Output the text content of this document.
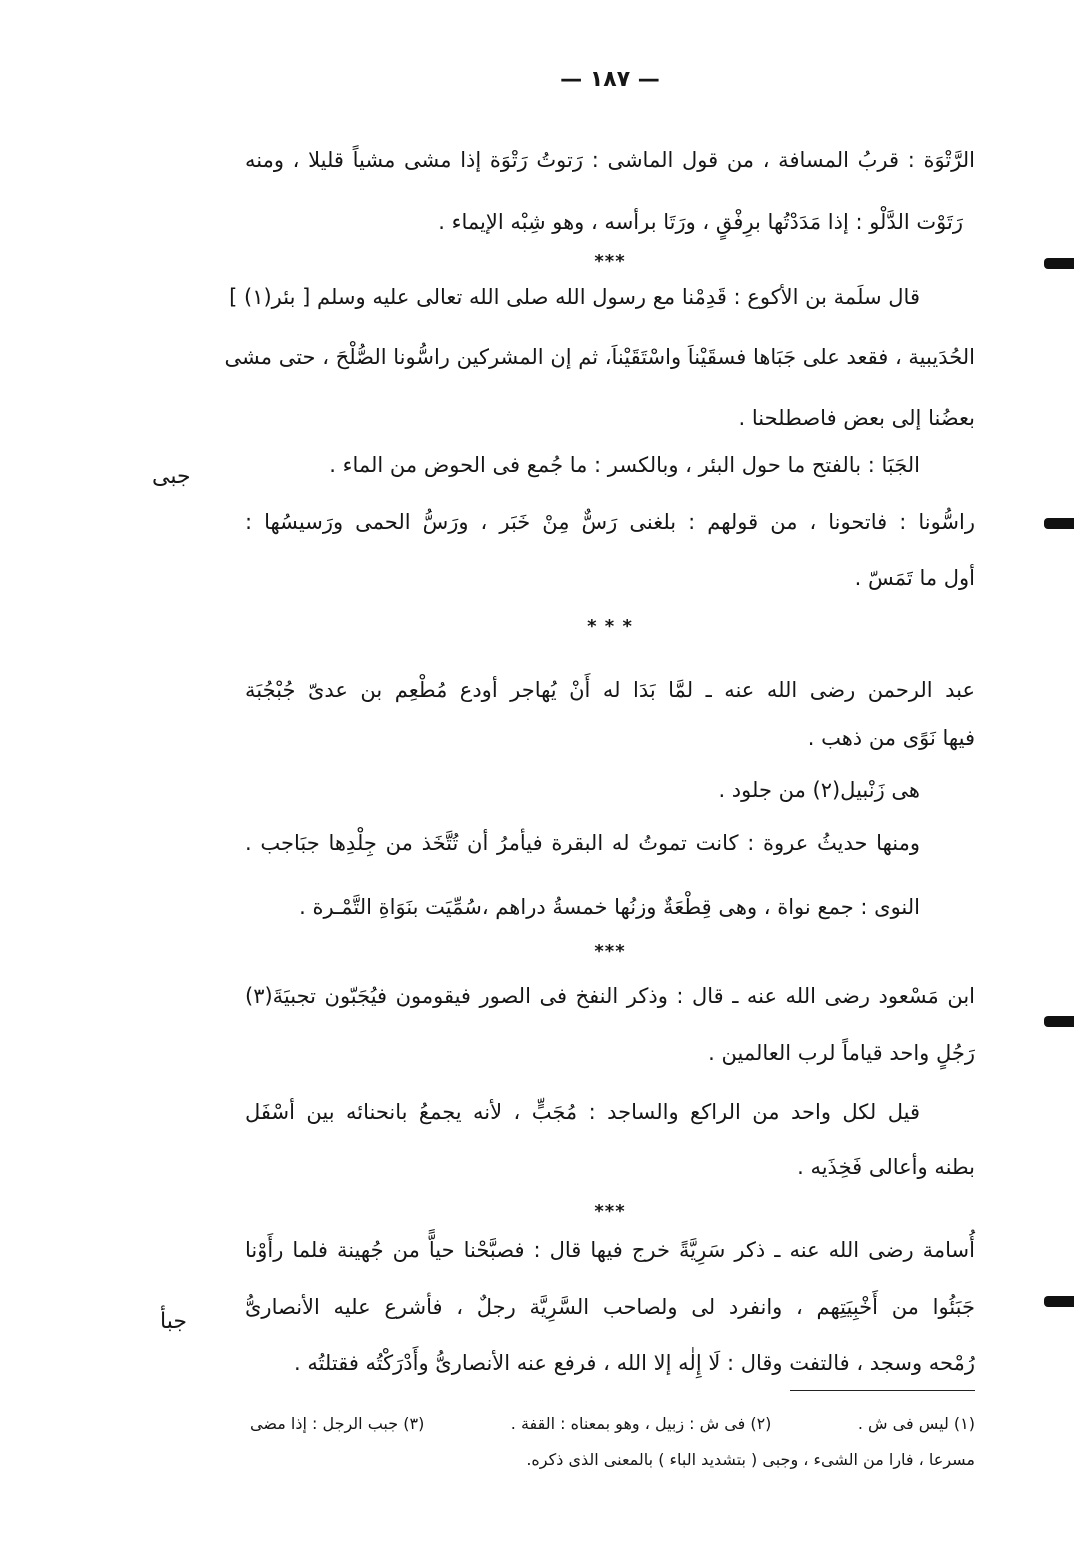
— ١٨٧ —
الرَّتْوَة : قربُ المسافة ، من قول الماشى : رَتوتُ رَتْوَة إذا مشى مشياً قليلا ، ومنه
رَتَوْت الدَّلْو : إذا مَدَدْتُها برِفْقٍ ، ورَتَا برأسه ، وهو شِبْه الإيماء .
***
قال سلَمة بن الأكوع : قَدِمْنا مع رسول الله صلى الله تعالى عليه وسلم [ بئر(١) ]
الحُدَيبية ، فقعد على جَبَاها فسقَيْناَ واسْتَقَيْناَ، ثم إن المشركين راسُّونا الصُّلْحَ ، حتى مشى
بعضُنا إلى بعض فاصطلحنا .
الجَبَا : بالفتح ما حول البئر ، وبالكسر : ما جُمع فى الحوض من الماء .
راسُّونا : فاتحونا ، من قولهم : بلغنى رَسٌّ مِنْ خَبَر ، ورَسُّ الحمى ورَسيسُها :
أول ما تَمَسّ .
* * *
عبد الرحمن رضى الله عنه ـ لمَّا بَدَا له أَنْ يُهاجر أودع مُطْعِم بن عدىّ جُبْجُبَة
فيها نَوًى من ذهب .
هى زَنْبيل(٢) من جلود .
ومنها حديثُ عروة : كانت تموتُ له البقرة فيأمرُ أن تُتَّخَذ من جِلْدِها جبَاجب .
النوى : جمع نواة ، وهى قِطْعَةٌ وزنُها خمسةُ دراهم ،سُمِّيَت بنَوَاةِ التَّمْـرة .
***
ابن مَسْعود رضى الله عنه ـ قال : وذكر النفخ فى الصور فيقومون فيُجَبّون تجبيَةَ(٣)
رَجُلٍ واحد قياماً لرب العالمين .
قيل لكل واحد من الراكع والساجد : مُجَبٍّ ، لأنه يجمعُ بانحنائه بين أسْفَل
بطنه وأعالى فَخِذَيه .
***
أُسامة رضى الله عنه ـ ذكر سَرِيَّةً خرج فيها قال : فصبَّحْنا حياًّ من جُهينة فلما رأَوْنا
جَبَئُوا من أَخْبِيَتِهم ، وانفرد لى ولصاحب السَّرِيَّة رجلٌ ، فأشرع عليه الأنصارىُّ
رُمْحه وسجد ، فالتفت وقال : لَا إِلٰه إلا الله ، فرفع عنه الأنصارىُّ وأَدْرَكْتُه فقتلتُه .
جبى
جبأ
(١) ليس فى ش .
(٢) فى ش : زبيل ، وهو بمعناه : القفة .
(٣) جبب الرجل : إذا مضى
مسرعا ، فارا من الشىء ، وجبى ( بتشديد الباء ) بالمعنى الذى ذكره.
